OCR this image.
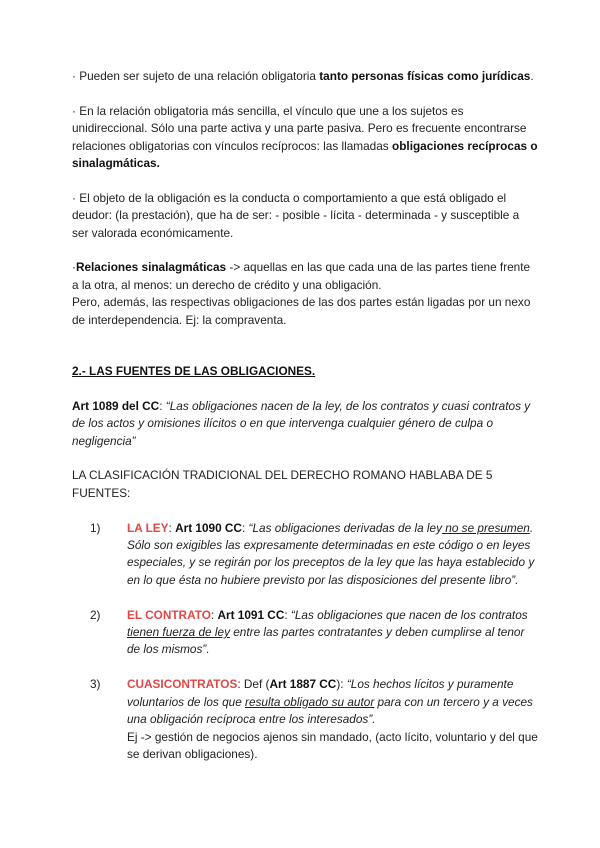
· Pueden ser sujeto de una relación obligatoria tanto personas físicas como jurídicas.

· En la relación obligatoria más sencilla, el vínculo que une a los sujetos es unidireccional. Sólo una parte activa y una parte pasiva. Pero es frecuente encontrarse relaciones obligatorias con vínculos recíprocos: las llamadas obligaciones recíprocas o sinalagmáticas.

· El objeto de la obligación es la conducta o comportamiento a que está obligado el deudor: (la prestación), que ha de ser: - posible - lícita - determinada - y susceptible a ser valorada económicamente.

·Relaciones sinalagmáticas -> aquellas en las que cada una de las partes tiene frente a la otra, al menos: un derecho de crédito y una obligación.

Pero, además, las respectivas obligaciones de las dos partes están ligadas por un nexo de interdependencia. Ej: la compraventa.

2.- LAS FUENTES DE LAS OBLIGACIONES.

Art 1089 del CC: “Las obligaciones nacen de la ley, de los contratos y cuasi contratos y de los actos y omisiones ilícitos o en que intervenga cualquier género de culpa o negligencia”

LA CLASIFICACIÓN TRADICIONAL DEL DERECHO ROMANO HABLABA DE 5 FUENTES:

1) LA LEY: Art 1090 CC: “Las obligaciones derivadas de la ley no se presumen. Sólo son exigibles las expresamente determinadas en este código o en leyes especiales, y se regirán por los preceptos de la ley que las haya establecido y en lo que ésta no hubiere previsto por las disposiciones del presente libro”.
2) EL CONTRATO: Art 1091 CC: “Las obligaciones que nacen de los contratos tienen fuerza de ley entre las partes contratantes y deben cumplirse al tenor de los mismos”.
3) CUASICONTRATOS: Def (Art 1887 CC): “Los hechos lícitos y puramente voluntarios de los que resulta obligado su autor para con un tercero y a veces una obligación recíproca entre los interesados”.
Ej -> gestión de negocios ajenos sin mandado, (acto lícito, voluntario y del que se derivan obligaciones).
